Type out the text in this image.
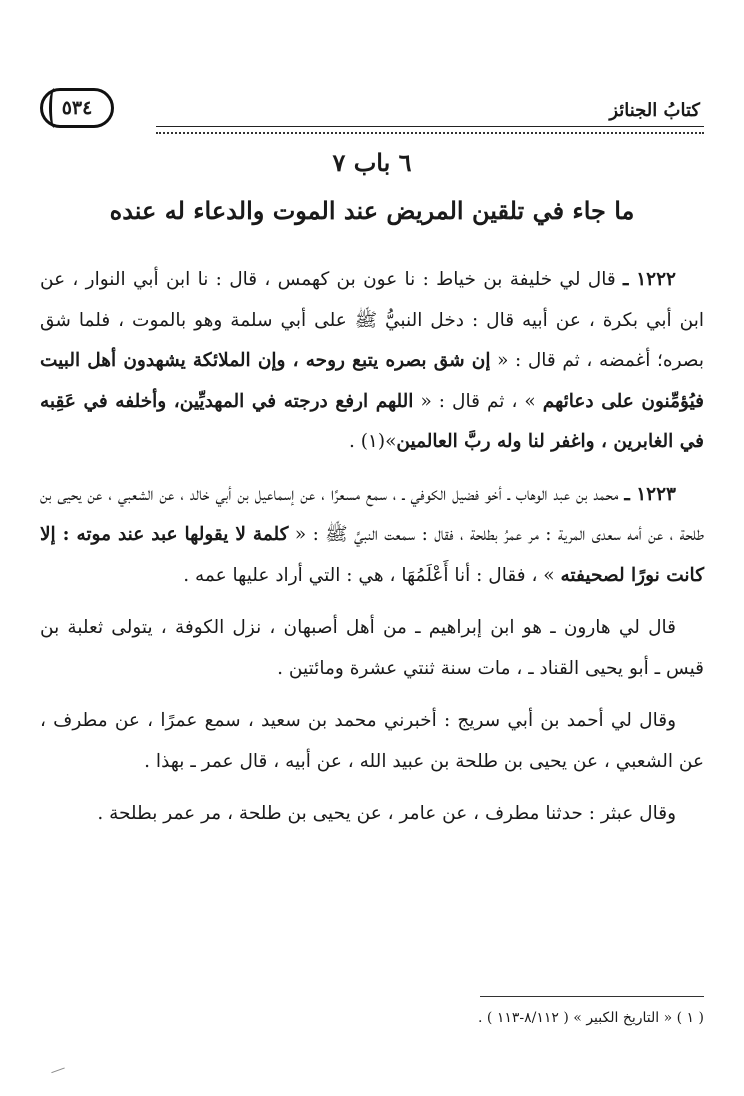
٥٣٤	كتابُ الجنائز
٦ باب ٧
ما جاء في تلقين المريض عند الموت والدعاء له عنده

١٢٢٢ ـ قال لي خليفة بن خياط : نا عون بن كهمس ، قال : نا ابن أبي النوار ، عن ابن أبي بكرة ، عن أبيه قال : دخل النبيُّ ﷺ على أبي سلمة وهو بالموت ، فلما شق بصره؛ أغمضه ، ثم قال : « إن شق بصره يتبع روحه ، وإن الملائكة يشهدون أهل البيت فيُؤمِّنون على دعائهم » ، ثم قال : « اللهم ارفع درجته في المهديِّين، وأخلفه في عَقِبه في الغابرين ، واغفر لنا وله ربَّ العالمين»(١) .

١٢٢٣ ـ محمد بن عبد الوهاب ـ أخو فضيل الكوفي ـ ، سمع مسعرًا ، عن إسماعيل بن أبي خالد ، عن الشعبي ، عن يحيى بن طلحة ، عن أمه سعدى المرية : مر عمرُ بطلحة ، فقال : سمعت النبيَّ ﷺ : « كلمة لا يقولها عبد عند موته : إلا كانت نورًا لصحيفته » ، فقال : أنا أَعْلَمُهَا ، هي : التي أراد عليها عمه .

قال لي هارون ـ هو ابن إبراهيم ـ من أهل أصبهان ، نزل الكوفة ، يتولى ثعلبة بن قيس ـ أبو يحيى القناد ـ ، مات سنة ثنتي عشرة ومائتين .

وقال لي أحمد بن أبي سريج : أخبرني محمد بن سعيد ، سمع عمرًا ، عن مطرف ، عن الشعبي ، عن يحيى بن طلحة بن عبيد الله ، عن أبيه ، قال عمر ـ بهذا .

وقال عبثر : حدثنا مطرف ، عن عامر ، عن يحيى بن طلحة ، مر عمر بطلحة .

( ١ ) « التاريخ الكبير » ( ٨/١١٢-١١٣ ) .
